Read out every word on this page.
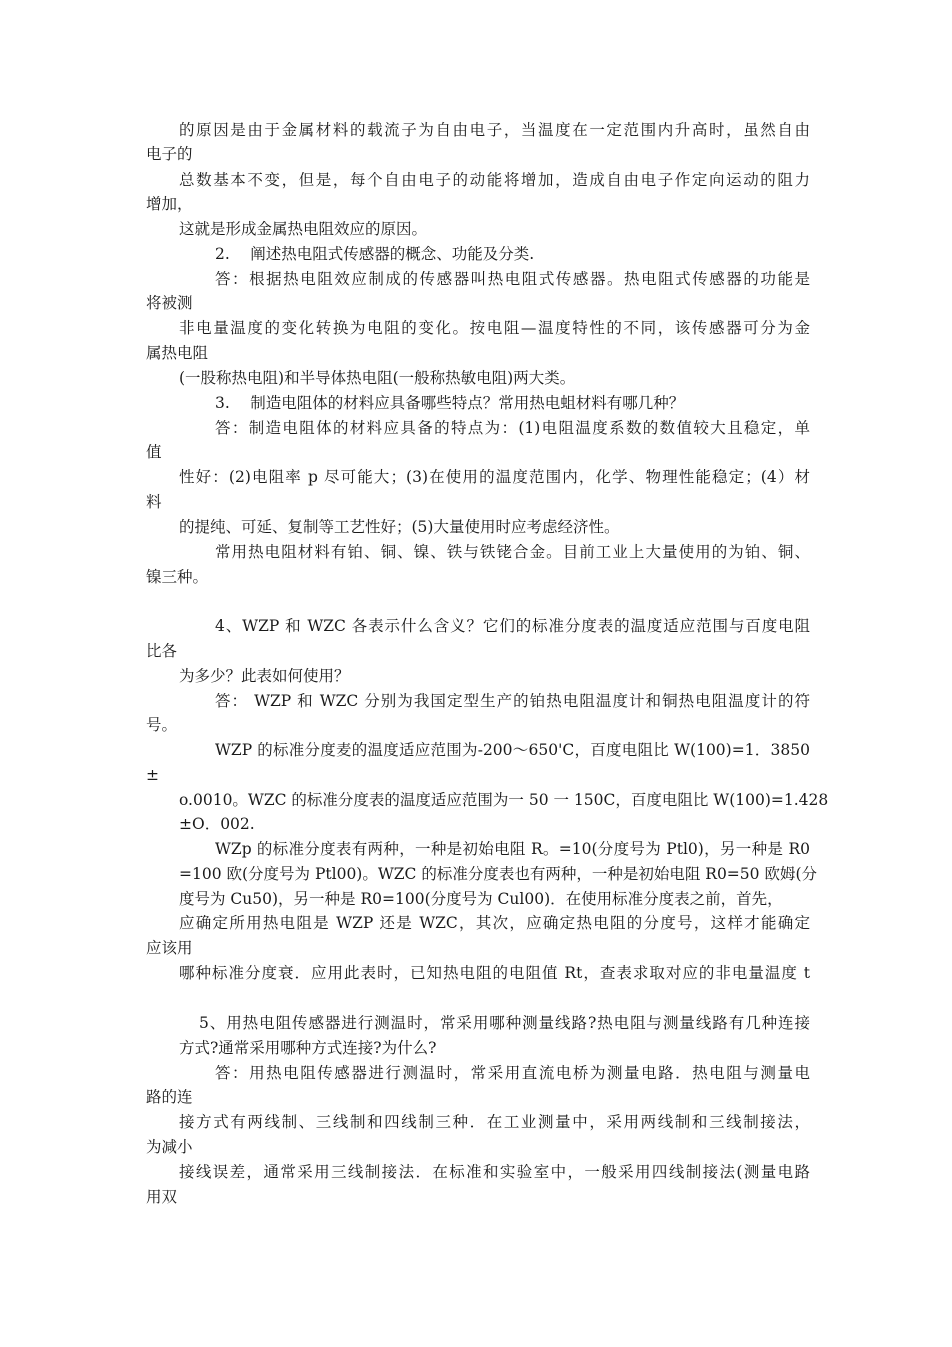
的原因是由于金属材料的载流子为自由电子，当温度在一定范围内升高时，虽然自由
电子的
总数基本不变，但是，每个自由电子的动能将增加，造成自由电子作定向运动的阻力
增加，
这就是形成金属热电阻效应的原因。
2.　 阐述热电阻式传感器的概念、功能及分类.
答：根据热电阻效应制成的传感器叫热电阻式传感器。热电阻式传感器的功能是
将被测
非电量温度的变化转换为电阻的变化。按电阻—温度特性的不同，该传感器可分为金
属热电阻
(一股称热电阻)和半导体热电阻(一般称热敏电阻)两大类。
3.　 制造电阻体的材料应具备哪些特点？常用热电蛆材料有哪几种？
答：制造电阻体的材料应具备的特点为：(1)电阻温度系数的数值较大且稳定，单
值
性好：(2)电阻率 p 尽可能大；(3)在使用的温度范围内，化学、物理性能稳定；(4）材
料
的提纯、可延、复制等工艺性好；(5)大量使用时应考虑经济性。
常用热电阻材料有铂、铜、镍、铁与铁铑合金。目前工业上大量使用的为铂、铜、
镍三种。
4、WZP 和 WZC 各表示什么含义？它们的标准分度表的温度适应范围与百度电阻
比各
为多少？此表如何使用？
答： WZP 和 WZC 分别为我国定型生产的铂热电阻温度计和铜热电阻温度计的符
号。
WZP 的标准分度麦的温度适应范围为-200～650'C，百度电阻比 W(100)=1．3850
±
o.0010。WZC 的标准分度表的温度适应范围为一 50 一 150C，百度电阻比 W(100)=1.428
±O．002.
WZp 的标准分度表有两种，一种是初始电阻 R。=10(分度号为 Ptl0)，另一种是 R0
=100 欧(分度号为 Ptl00)。WZC 的标准分度表也有两种，一种是初始电阻 R0=50 欧姆(分
度号为 Cu50)，另一种是 R0=100(分度号为 Cul00)．在使用标准分度表之前，首先，
应确定所用热电阻是 WZP 还是 WZC，其次，应确定热电阻的分度号，这样才能确定
应该用
哪种标准分度衰．应用此表时，已知热电阻的电阻值 Rt，查表求取对应的非电量温度 t
5、用热电阻传感器进行测温时，常采用哪种测量线路?热电阻与测量线路有几种连接
方式?通常采用哪种方式连接?为什么?
答：用热电阻传感器进行测温时，常采用直流电桥为测量电路．热电阻与测量电
路的连
接方式有两线制、三线制和四线制三种．在工业测量中，采用两线制和三线制接法，
为减小
接线误差，通常采用三线制接法．在标准和实验室中，一般采用四线制接法(测量电路
用双
